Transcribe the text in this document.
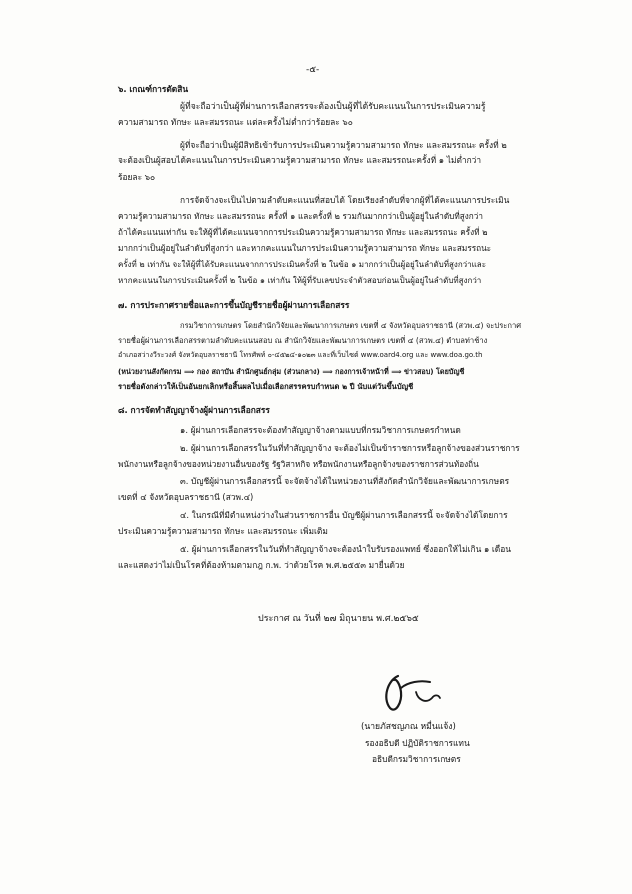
-๕-
๖. เกณฑ์การตัดสิน
ผู้ที่จะถือว่าเป็นผู้ที่ผ่านการเลือกสรรจะต้องเป็นผู้ที่ได้รับคะแนนในการประเมินความรู้
ความสามารถ ทักษะ และสมรรถนะ แต่ละครั้งไม่ต่ำกว่าร้อยละ ๖๐
ผู้ที่จะถือว่าเป็นผู้มีสิทธิเข้ารับการประเมินความรู้ความสามารถ ทักษะ และสมรรถนะ ครั้งที่ ๒
จะต้องเป็นผู้สอบได้คะแนนในการประเมินความรู้ความสามารถ ทักษะ และสมรรถนะครั้งที่ ๑ ไม่ต่ำกว่า
ร้อยละ ๖๐
การจัดจ้างจะเป็นไปตามลำดับคะแนนที่สอบได้ โดยเรียงลำดับที่จากผู้ที่ได้คะแนนการประเมิน
ความรู้ความสามารถ ทักษะ และสมรรถนะ ครั้งที่ ๑ และครั้งที่ ๒ รวมกันมากกว่าเป็นผู้อยู่ในลำดับที่สูงกว่า
ถ้าได้คะแนนเท่ากัน จะให้ผู้ที่ได้คะแนนจากการประเมินความรู้ความสามารถ ทักษะ และสมรรถนะ ครั้งที่ ๒
มากกว่าเป็นผู้อยู่ในลำดับที่สูงกว่า และหากคะแนนในการประเมินความรู้ความสามารถ ทักษะ และสมรรถนะ
ครั้งที่ ๒ เท่ากัน จะให้ผู้ที่ได้รับคะแนนจากการประเมินครั้งที่ ๒ ในข้อ ๑ มากกว่าเป็นผู้อยู่ในลำดับที่สูงกว่าและ
หากคะแนนในการประเมินครั้งที่ ๒ ในข้อ ๑ เท่ากัน ให้ผู้ที่รับเลขประจำตัวสอบก่อนเป็นผู้อยู่ในลำดับที่สูงกว่า
๗. การประกาศรายชื่อและการขึ้นบัญชีรายชื่อผู้ผ่านการเลือกสรร
กรมวิชาการเกษตร โดยสำนักวิจัยและพัฒนาการเกษตร เขตที่ ๔ จังหวัดอุบลราชธานี (สวพ.๔) จะประกาศ
รายชื่อผู้ผ่านการเลือกสรรตามลำดับคะแนนสอบ ณ สำนักวิจัยและพัฒนาการเกษตร เขตที่ ๔ (สวพ.๔) ตำบลท่าช้าง
อำเภอสว่างวีระวงศ์ จังหวัดอุบลราชธานี โทรศัพท์ ๐-๔๕๒๔-๑๐๒๓ และที่เว็บไซต์ www.oard4.org และ www.doa.go.th
(หน่วยงานสังกัดกรม ⟹ กอง สถาบัน สำนักศูนย์กลุ่ม (ส่วนกลาง) ⟹ กองการเจ้าหน้าที่ ⟹ ข่าวสอบ) โดยบัญชี
รายชื่อดังกล่าวให้เป็นอันยกเลิกหรือสิ้นผลไปเมื่อเลือกสรรครบกำหนด ๒ ปี นับแต่วันขึ้นบัญชี
๘. การจัดทำสัญญาจ้างผู้ผ่านการเลือกสรร
๑. ผู้ผ่านการเลือกสรรจะต้องทำสัญญาจ้างตามแบบที่กรมวิชาการเกษตรกำหนด
๒. ผู้ผ่านการเลือกสรรในวันที่ทำสัญญาจ้าง จะต้องไม่เป็นข้าราชการหรือลูกจ้างของส่วนราชการ
พนักงานหรือลูกจ้างของหน่วยงานอื่นของรัฐ รัฐวิสาหกิจ หรือพนักงานหรือลูกจ้างของราชการส่วนท้องถิ่น
๓. บัญชีผู้ผ่านการเลือกสรรนี้ จะจัดจ้างได้ในหน่วยงานที่สังกัดสำนักวิจัยและพัฒนาการเกษตร
เขตที่ ๔ จังหวัดอุบลราชธานี (สวพ.๔)
๔. ในกรณีที่มีตำแหน่งว่างในส่วนราชการอื่น บัญชีผู้ผ่านการเลือกสรรนี้ จะจัดจ้างได้โดยการ
ประเมินความรู้ความสามารถ ทักษะ และสมรรถนะ เพิ่มเติม
๕. ผู้ผ่านการเลือกสรรในวันที่ทำสัญญาจ้างจะต้องนำใบรับรองแพทย์ ซึ่งออกให้ไม่เกิน ๑ เดือน
และแสดงว่าไม่เป็นโรคที่ต้องห้ามตามกฎ ก.พ. ว่าด้วยโรค พ.ศ.๒๕๕๓ มายื่นด้วย
ประกาศ ณ วันที่ ๒๗ มิถุนายน พ.ศ.๒๕๖๕
(นายภัสชญภณ หมื่นแจ้ง)
รองอธิบดี ปฏิบัติราชการแทน
อธิบดีกรมวิชาการเกษตร
